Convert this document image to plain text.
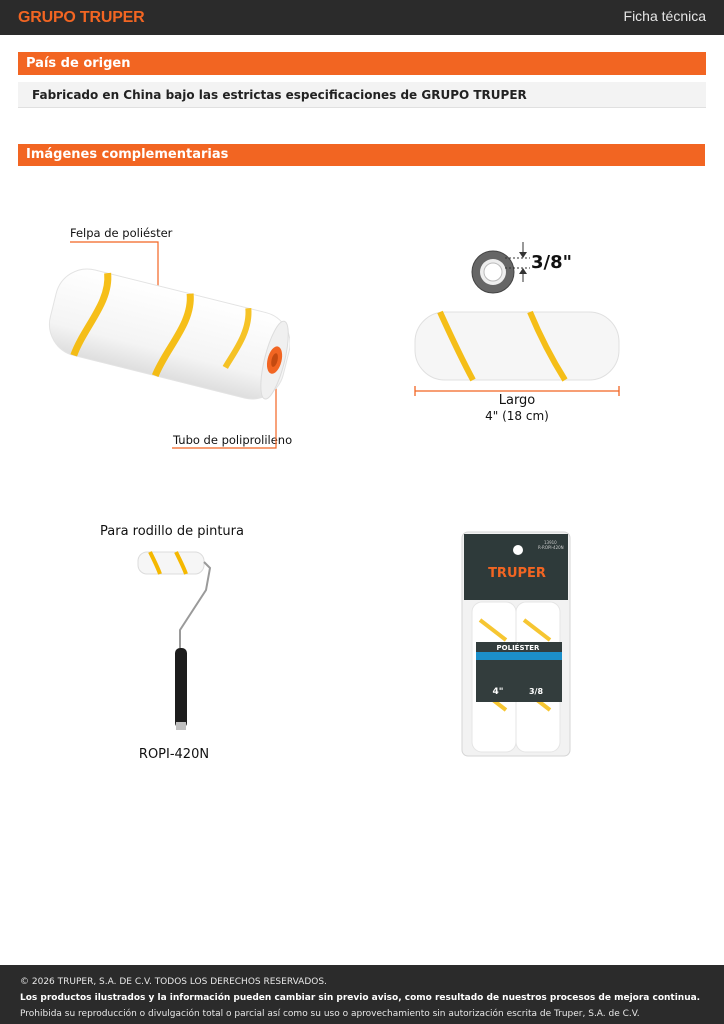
GRUPO TRUPER	Ficha técnica
País de origen
Fabricado en China bajo las estrictas especificaciones de GRUPO TRUPER
Imágenes complementarias
Felpa de poliéster
Tubo de poliprolileno
3/8"
Largo
4" (18 cm)
Para rodillo de pintura
ROPI-420N
13910
R-ROPI-420N
TRUPER
POLIÉSTER
4"	3/8
© 2026 TRUPER, S.A. DE C.V. TODOS LOS DERECHOS RESERVADOS.
Los productos ilustrados y la información pueden cambiar sin previo aviso, como resultado de nuestros procesos de mejora continua.
Prohibida su reproducción o divulgación total o parcial así como su uso o aprovechamiento sin autorización escrita de Truper, S.A. de C.V.
